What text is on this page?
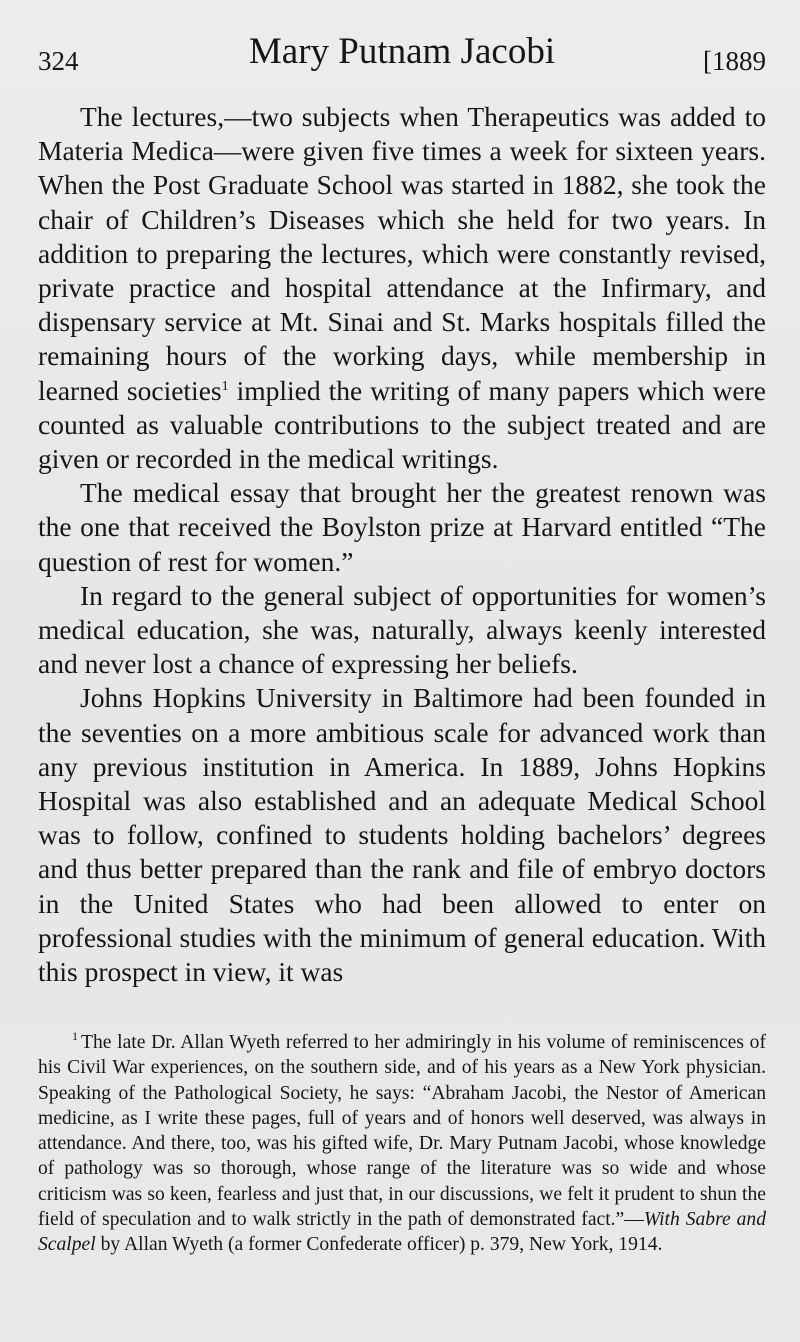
324	Mary Putnam Jacobi	[1889

The lectures,—two subjects when Therapeutics was added to Materia Medica—were given five times a week for sixteen years. When the Post Graduate School was started in 1882, she took the chair of Children’s Diseases which she held for two years. In addition to preparing the lectures, which were constantly revised, private practice and hospital attendance at the Infirmary, and dispensary service at Mt. Sinai and St. Marks hospitals filled the remaining hours of the working days, while membership in learned societies$^1$ implied the writing of many papers which were counted as valuable contributions to the subject treated and are given or recorded in the medical writings.

The medical essay that brought her the greatest renown was the one that received the Boylston prize at Harvard entitled “The question of rest for women.”

In regard to the general subject of opportunities for women’s medical education, she was, naturally, always keenly interested and never lost a chance of expressing her beliefs.

Johns Hopkins University in Baltimore had been founded in the seventies on a more ambitious scale for advanced work than any previous institution in America. In 1889, Johns Hopkins Hospital was also established and an adequate Medical School was to follow, confined to students holding bachelors’ degrees and thus better prepared than the rank and file of embryo doctors in the United States who had been allowed to enter on professional studies with the minimum of general education. With this prospect in view, it was

$^1$ The late Dr. Allan Wyeth referred to her admiringly in his volume of reminiscences of his Civil War experiences, on the southern side, and of his years as a New York physician. Speaking of the Pathological Society, he says: “Abraham Jacobi, the Nestor of American medicine, as I write these pages, full of years and of honors well deserved, was always in attendance. And there, too, was his gifted wife, Dr. Mary Putnam Jacobi, whose knowledge of pathology was so thorough, whose range of the literature was so wide and whose criticism was so keen, fearless and just that, in our discussions, we felt it prudent to shun the field of speculation and to walk strictly in the path of demonstrated fact.”—With Sabre and Scalpel by Allan Wyeth (a former Confederate officer) p. 379, New York, 1914.
